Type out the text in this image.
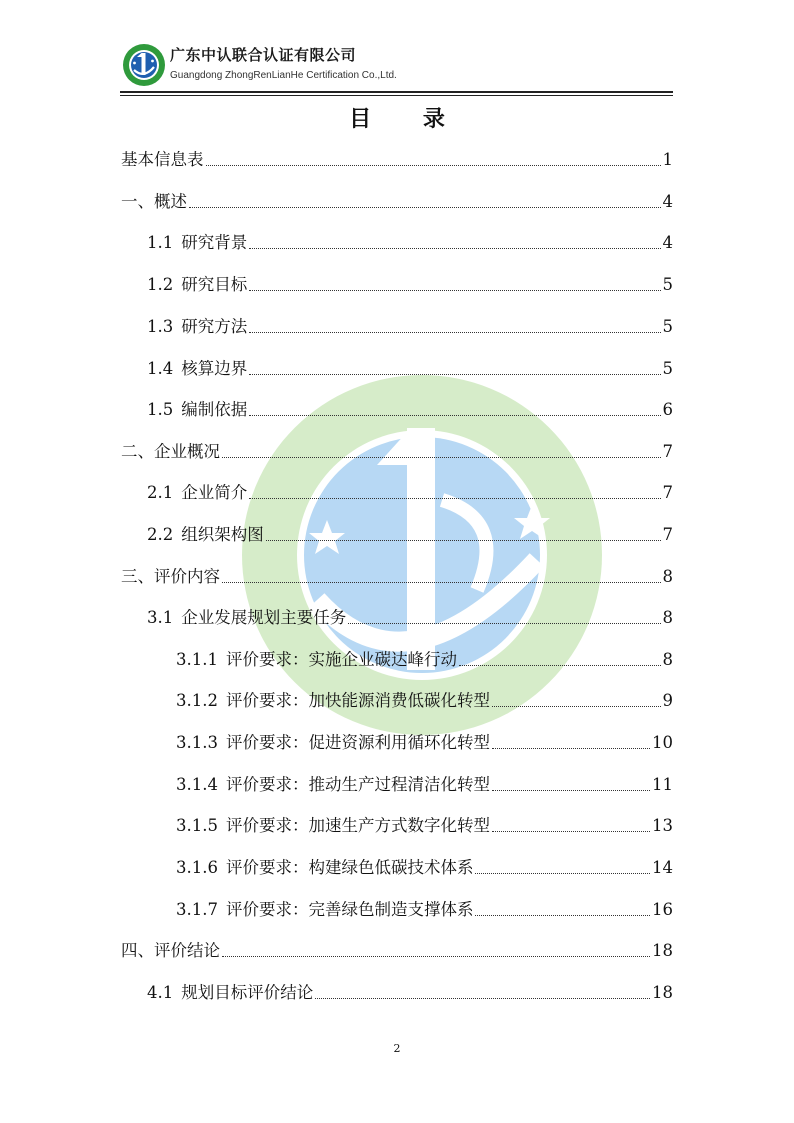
广东中认联合认证有限公司
Guangdong ZhongRenLianHe Certification Co.,Ltd.
目 录
基本信息表	1
一、概述	4
1.1 研究背景	4
1.2 研究目标	5
1.3 研究方法	5
1.4 核算边界	5
1.5 编制依据	6
二、企业概况	7
2.1 企业简介	7
2.2 组织架构图	7
三、评价内容	8
3.1 企业发展规划主要任务	8
3.1.1 评价要求：实施企业碳达峰行动	8
3.1.2 评价要求：加快能源消费低碳化转型	9
3.1.3 评价要求：促进资源利用循环化转型	10
3.1.4 评价要求：推动生产过程清洁化转型	11
3.1.5 评价要求：加速生产方式数字化转型	13
3.1.6 评价要求：构建绿色低碳技术体系	14
3.1.7 评价要求：完善绿色制造支撑体系	16
四、评价结论	18
4.1 规划目标评价结论	18
2
